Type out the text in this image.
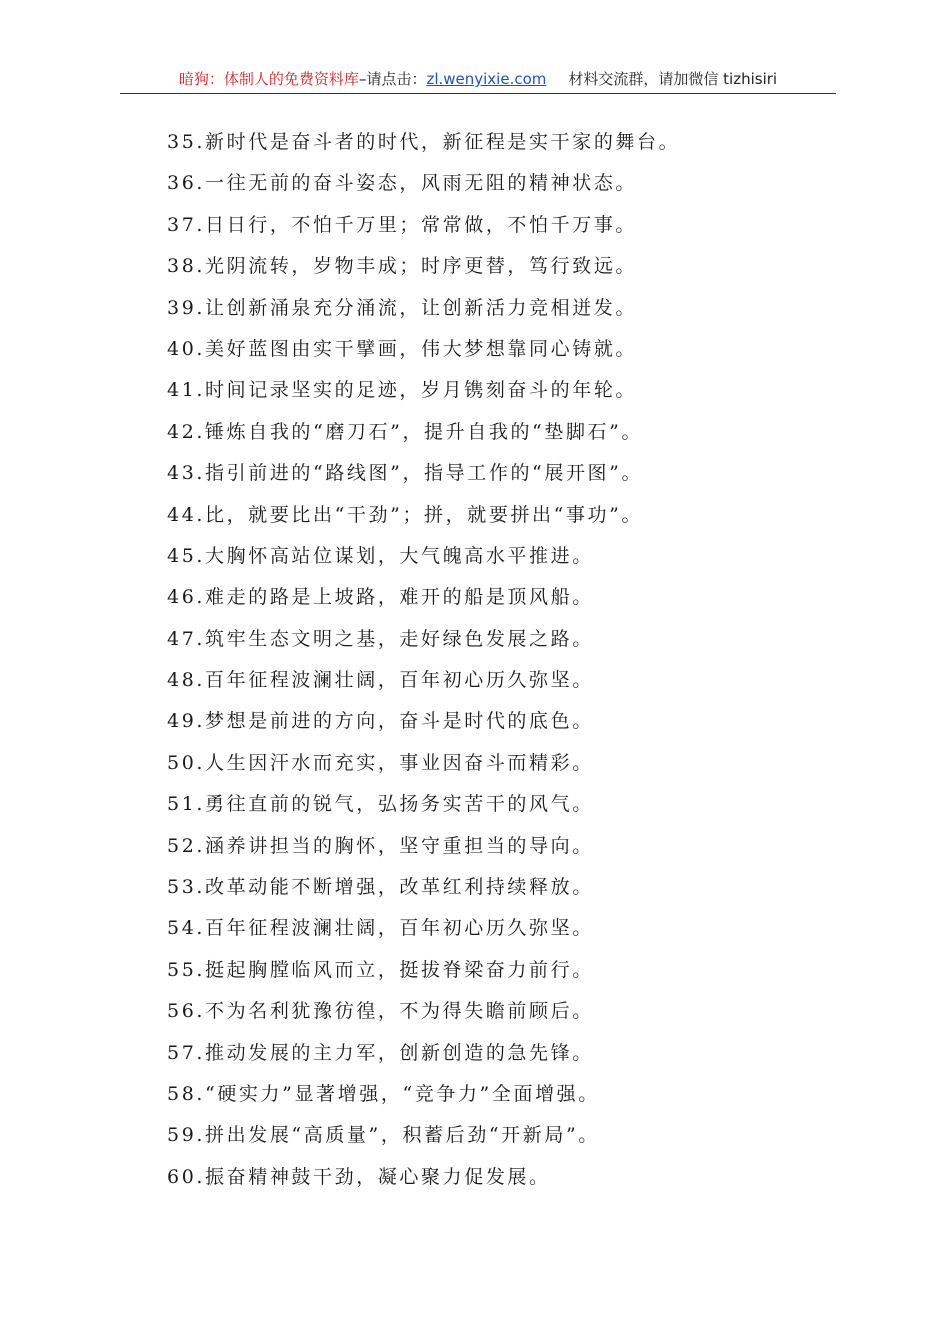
暗狗：体制人的免费资料库–请点击：zl.wenyixie.com 材料交流群，请加微信 tizhisiri
35.新时代是奋斗者的时代，新征程是实干家的舞台。
36.一往无前的奋斗姿态，风雨无阻的精神状态。
37.日日行，不怕千万里；常常做，不怕千万事。
38.光阴流转，岁物丰成；时序更替，笃行致远。
39.让创新涌泉充分涌流，让创新活力竞相迸发。
40.美好蓝图由实干擘画，伟大梦想靠同心铸就。
41.时间记录坚实的足迹，岁月镌刻奋斗的年轮。
42.锤炼自我的“磨刀石”，提升自我的“垫脚石”。
43.指引前进的“路线图”，指导工作的“展开图”。
44.比，就要比出“干劲”；拼，就要拼出“事功”。
45.大胸怀高站位谋划，大气魄高水平推进。
46.难走的路是上坡路，难开的船是顶风船。
47.筑牢生态文明之基，走好绿色发展之路。
48.百年征程波澜壮阔，百年初心历久弥坚。
49.梦想是前进的方向，奋斗是时代的底色。
50.人生因汗水而充实，事业因奋斗而精彩。
51.勇往直前的锐气，弘扬务实苦干的风气。
52.涵养讲担当的胸怀，坚守重担当的导向。
53.改革动能不断增强，改革红利持续释放。
54.百年征程波澜壮阔，百年初心历久弥坚。
55.挺起胸膛临风而立，挺拔脊梁奋力前行。
56.不为名利犹豫彷徨，不为得失瞻前顾后。
57.推动发展的主力军，创新创造的急先锋。
58.“硬实力”显著增强，“竞争力”全面增强。
59.拼出发展“高质量”，积蓄后劲“开新局”。
60.振奋精神鼓干劲，凝心聚力促发展。
